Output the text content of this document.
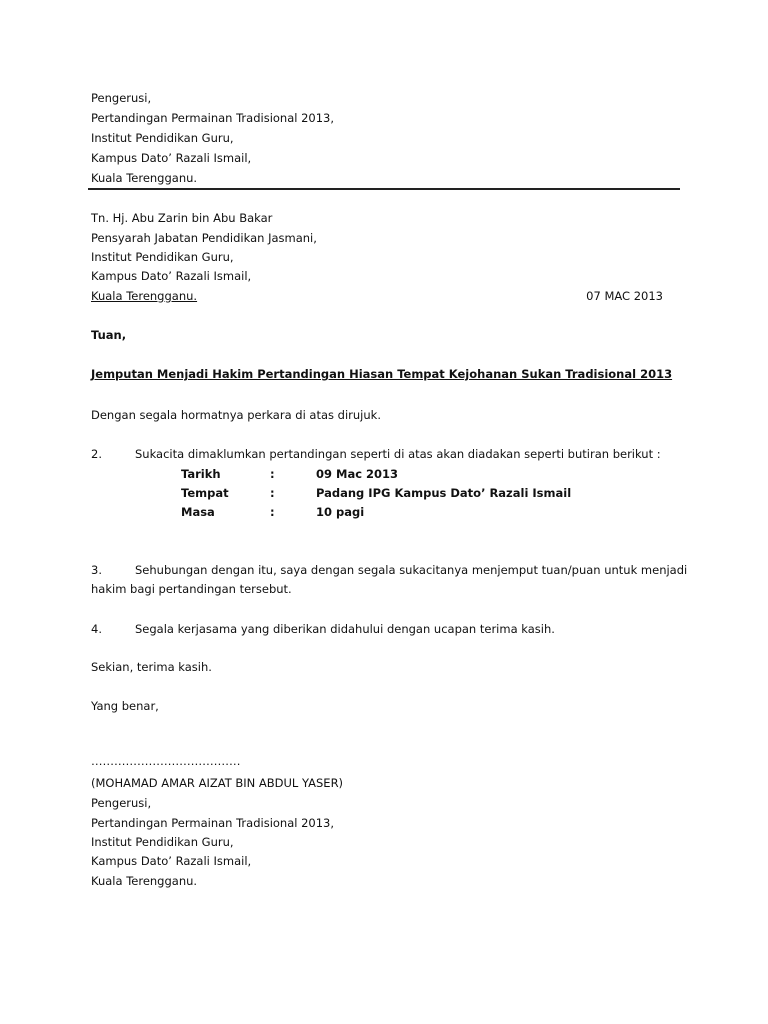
Pengerusi,
Pertandingan Permainan Tradisional 2013,
Institut Pendidikan Guru,
Kampus Dato’ Razali Ismail,
Kuala Terengganu.
Tn. Hj. Abu Zarin bin Abu Bakar
Pensyarah Jabatan Pendidikan Jasmani,
Institut Pendidikan Guru,
Kampus Dato’ Razali Ismail,
Kuala Terengganu.	07 MAC 2013
Tuan,
Jemputan Menjadi Hakim Pertandingan Hiasan Tempat Kejohanan Sukan Tradisional 2013
Dengan segala hormatnya perkara di atas dirujuk.
2.	Sukacita dimaklumkan pertandingan seperti di atas akan diadakan seperti butiran berikut :
Tarikh	:	09 Mac 2013
Tempat	:	Padang IPG Kampus Dato’ Razali Ismail
Masa	:	10 pagi
3.	Sehubungan dengan itu, saya dengan segala sukacitanya menjemput tuan/puan untuk menjadi
hakim bagi pertandingan tersebut.
4.	Segala kerjasama yang diberikan didahului dengan ucapan terima kasih.
Sekian, terima kasih.
Yang benar,
…………………………………
(MOHAMAD AMAR AIZAT BIN ABDUL YASER)
Pengerusi,
Pertandingan Permainan Tradisional 2013,
Institut Pendidikan Guru,
Kampus Dato’ Razali Ismail,
Kuala Terengganu.
